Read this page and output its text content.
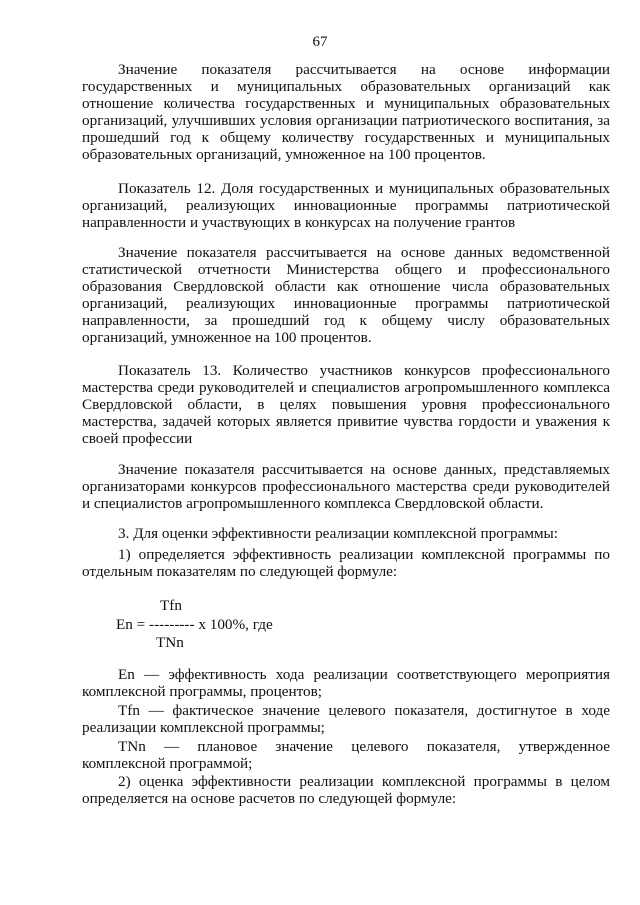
67

Значение показателя рассчитывается на основе информации государственных и муниципальных образовательных организаций как отношение количества государственных и муниципальных образовательных организаций, улучшивших условия организации патриотического воспитания, за прошедший год к общему количеству государственных и муниципальных образовательных организаций, умноженное на 100 процентов.

Показатель 12. Доля государственных и муниципальных образовательных организаций, реализующих инновационные программы патриотической направленности и участвующих в конкурсах на получение грантов

Значение показателя рассчитывается на основе данных ведомственной статистической отчетности Министерства общего и профессионального образования Свердловской области как отношение числа образовательных организаций, реализующих инновационные программы патриотической направленности, за прошедший год к общему числу образовательных организаций, умноженное на 100 процентов.

Показатель 13. Количество участников конкурсов профессионального мастерства среди руководителей и специалистов агропромышленного комплекса Свердловской области, в целях повышения уровня профессионального мастерства, задачей которых является привитие чувства гордости и уважения к своей профессии

Значение показателя рассчитывается на основе данных, представляемых организаторами конкурсов профессионального мастерства среди руководителей и специалистов агропромышленного комплекса Свердловской области.

3. Для оценки эффективности реализации комплексной программы:

1) определяется эффективность реализации комплексной программы по отдельным показателям по следующей формуле:

Tfn
En = --------- x 100%, где
TNn

En — эффективность хода реализации соответствующего мероприятия комплексной программы, процентов;

Tfn — фактическое значение целевого показателя, достигнутое в ходе реализации комплексной программы;

TNn — плановое значение целевого показателя, утвержденное комплексной программой;

2) оценка эффективности реализации комплексной программы в целом определяется на основе расчетов по следующей формуле:
